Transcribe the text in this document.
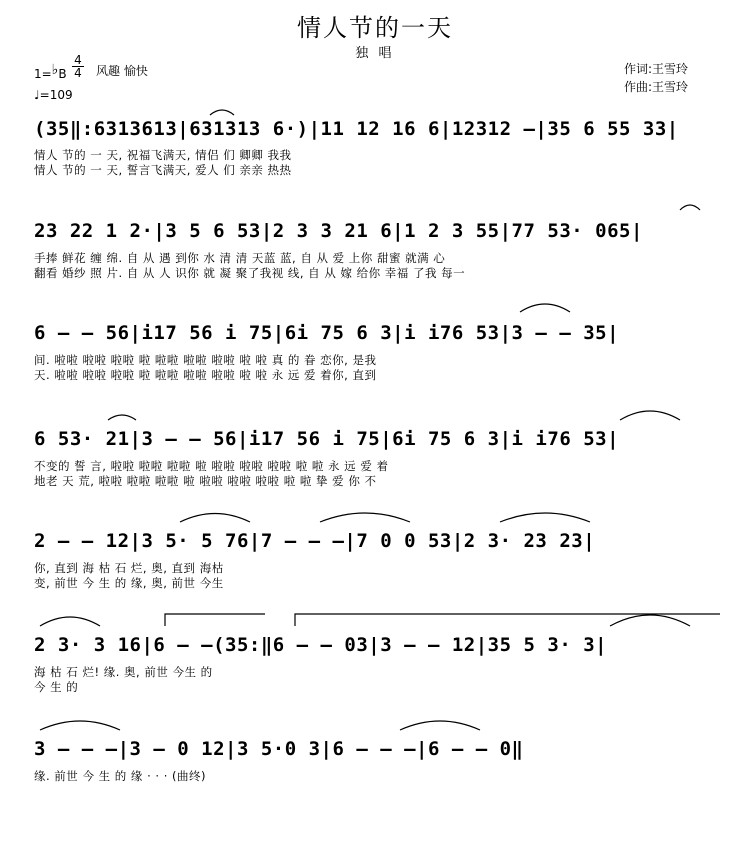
情人节的一天
独 唱
1=♭B
4
4 风趣 愉快
♩=109
作词:王雪玲
作曲:王雪玲
(35‖:6313613|631313 6·)|11 12 16 6|12312 –|35 6 55 33|
情人 节的 一 天, 祝福飞满天, 情侣 们 卿卿 我我
情人 节的 一 天, 誓言飞满天, 爱人 们 亲亲 热热
23 22 1 2·|3 5 6 53|2 3 3 21 6|1 2 3 55|77 53· 065|
手捧 鲜花 缠 绵. 自 从 遇 到你 水 清 清 天蓝 蓝, 自 从 爱 上你 甜蜜 就满 心
翻看 婚纱 照 片. 自 从 人 识你 就 凝 聚了我视 线, 自 从 嫁 给你 幸福 了我 每一
6 – – 56|i17 56 i 75|6i 75 6 3|i i76 53|3 – – 35|
间. 啦啦 啦啦 啦啦 啦 啦啦 啦啦 啦啦 啦 啦 真 的 眷 恋你, 是我
天. 啦啦 啦啦 啦啦 啦 啦啦 啦啦 啦啦 啦 啦 永 远 爱 着你, 直到
6 53· 21|3 – – 56|i17 56 i 75|6i 75 6 3|i i76 53|
不变的 誓 言, 啦啦 啦啦 啦啦 啦 啦啦 啦啦 啦啦 啦 啦 永 远 爱 着
地老 天 荒, 啦啦 啦啦 啦啦 啦 啦啦 啦啦 啦啦 啦 啦 挚 爱 你 不
2 – – 12|3 5· 5 76|7 – – –|7 0 0 53|2 3· 23 23|
你, 直到 海 枯 石 烂, 奥, 直到 海枯
变, 前世 今 生 的 缘, 奥, 前世 今生
2 3· 3 16|6 – –(35:‖6 – – 03|3 – – 12|35 5 3· 3|
海 枯 石 烂! 缘. 奥, 前世 今生 的
今 生 的
3 – – –|3 – 0 12|3 5·0 3|6 – – –|6 – – 0‖
缘. 前世 今 生 的 缘 · · · (曲终)
